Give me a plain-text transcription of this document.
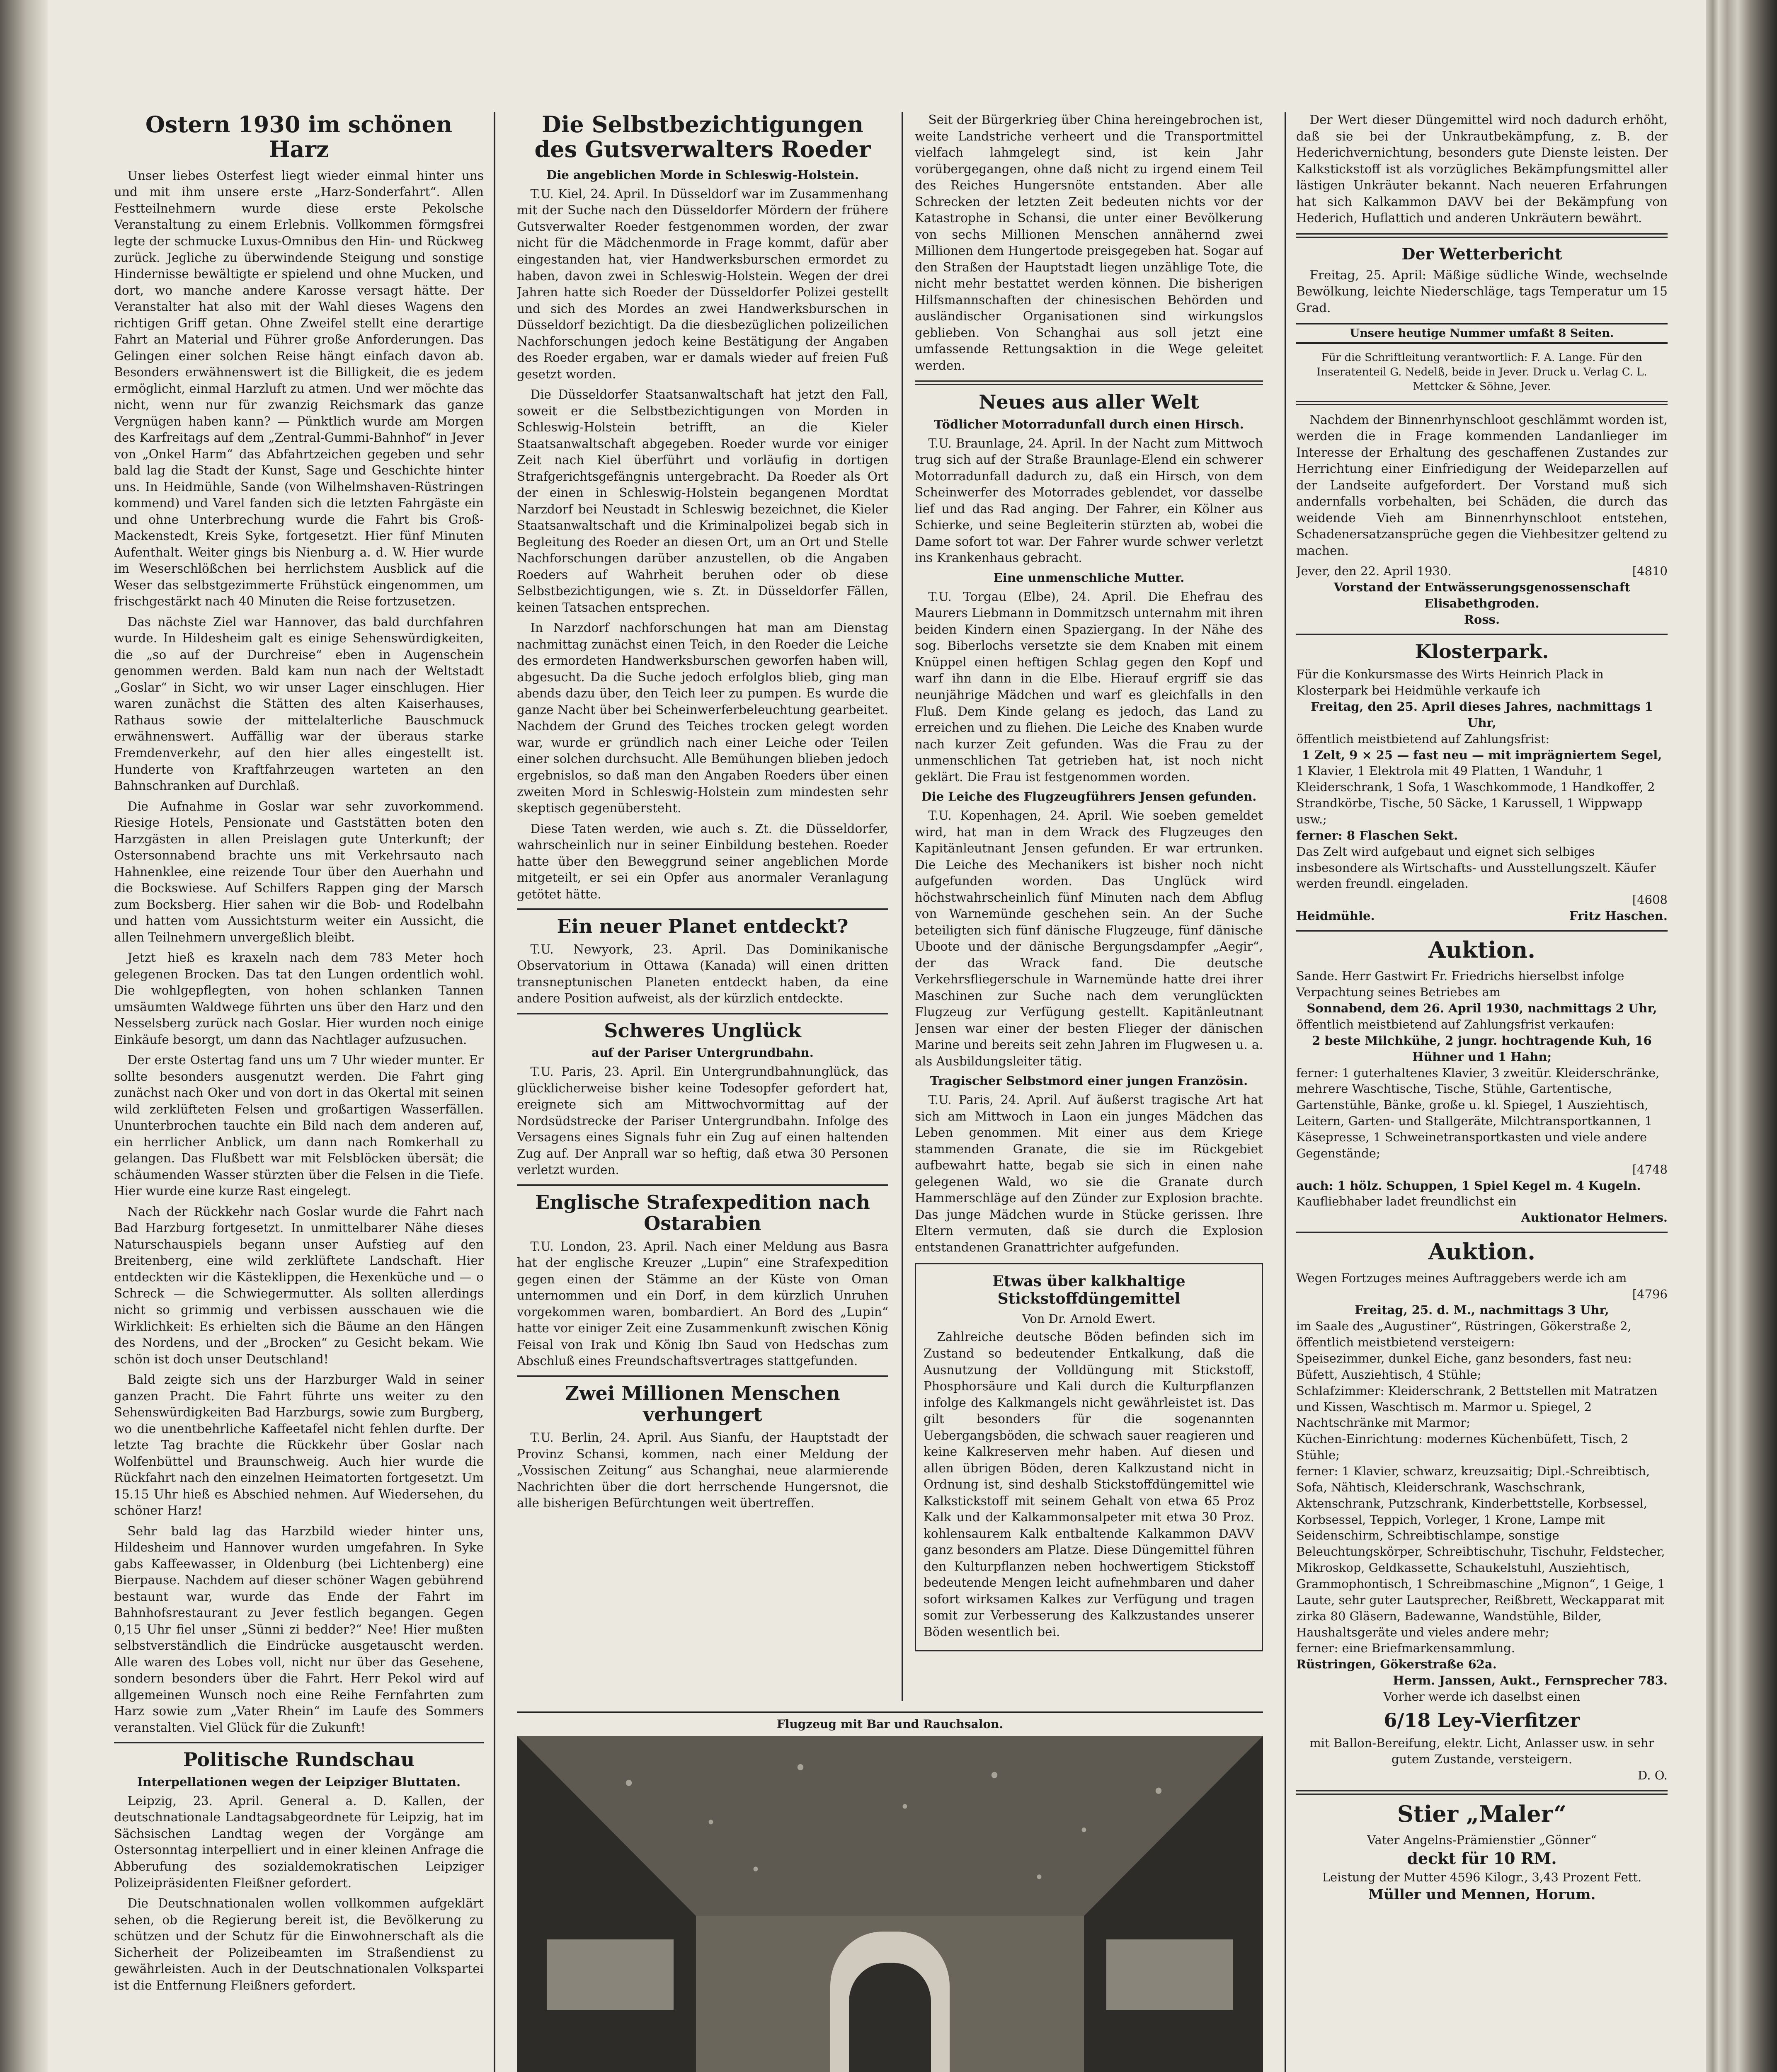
Ostern 1930 im schönen Harz

Unser liebes Osterfest liegt wieder einmal hinter uns und mit ihm unsere erste „Harz-Sonderfahrt“. Allen Festteilnehmern wurde diese erste Pekolsche Veranstaltung zu einem Erlebnis. Vollkommen förmgsfrei legte der schmucke Luxus-Omnibus den Hin- und Rückweg zurück. Jegliche zu überwindende Steigung und sonstige Hindernisse bewältigte er spielend und ohne Mucken, und dort, wo manche andere Karosse versagt hätte. Der Veranstalter hat also mit der Wahl dieses Wagens den richtigen Griff getan. Ohne Zweifel stellt eine derartige Fahrt an Material und Führer große Anforderungen. Das Gelingen einer solchen Reise hängt einfach davon ab. Besonders erwähnenswert ist die Billigkeit, die es jedem ermöglicht, einmal Harzluft zu atmen. Und wer möchte das nicht, wenn nur für zwanzig Reichsmark das ganze Vergnügen haben kann? — Pünktlich wurde am Morgen des Karfreitags auf dem „Zentral-Gummi-Bahnhof“ in Jever von „Onkel Harm“ das Abfahrtzeichen gegeben und sehr bald lag die Stadt der Kunst, Sage und Geschichte hinter uns. In Heidmühle, Sande (von Wilhelmshaven-Rüstringen kommend) und Varel fanden sich die letzten Fahrgäste ein und ohne Unterbrechung wurde die Fahrt bis Groß-Mackenstedt, Kreis Syke, fortgesetzt. Hier fünf Minuten Aufenthalt. Weiter gings bis Nienburg a. d. W. Hier wurde im Weserschlößchen bei herrlichstem Ausblick auf die Weser das selbstgezimmerte Frühstück eingenommen, um frischgestärkt nach 40 Minuten die Reise fortzusetzen.

Das nächste Ziel war Hannover, das bald durchfahren wurde. In Hildesheim galt es einige Sehenswürdigkeiten, die „so auf der Durchreise“ eben in Augenschein genommen werden. Bald kam nun nach der Weltstadt „Goslar“ in Sicht, wo wir unser Lager einschlugen. Hier waren zunächst die Stätten des alten Kaiserhauses, Rathaus sowie der mittelalterliche Bauschmuck erwähnenswert. Auffällig war der überaus starke Fremdenverkehr, auf den hier alles eingestellt ist. Hunderte von Kraftfahrzeugen warteten an den Bahnschranken auf Durchlaß.

Die Aufnahme in Goslar war sehr zuvorkommend. Riesige Hotels, Pensionate und Gaststätten boten den Harzgästen in allen Preislagen gute Unterkunft; der Ostersonnabend brachte uns mit Verkehrsauto nach Hahnenklee, eine reizende Tour über den Auerhahn und die Bockswiese. Auf Schilfers Rappen ging der Marsch zum Bocksberg. Hier sahen wir die Bob- und Rodelbahn und hatten vom Aussichtsturm weiter ein Aussicht, die allen Teilnehmern unvergeßlich bleibt.

Jetzt hieß es kraxeln nach dem 783 Meter hoch gelegenen Brocken. Das tat den Lungen ordentlich wohl. Die wohlgepflegten, von hohen schlanken Tannen umsäumten Waldwege führten uns über den Harz und den Nesselsberg zurück nach Goslar. Hier wurden noch einige Einkäufe besorgt, um dann das Nachtlager aufzusuchen.

Der erste Ostertag fand uns um 7 Uhr wieder munter. Er sollte besonders ausgenutzt werden. Die Fahrt ging zunächst nach Oker und von dort in das Okertal mit seinen wild zerklüfteten Felsen und großartigen Wasserfällen. Ununterbrochen tauchte ein Bild nach dem anderen auf, ein herrlicher Anblick, um dann nach Romkerhall zu gelangen. Das Flußbett war mit Felsblöcken übersät; die schäumenden Wasser stürzten über die Felsen in die Tiefe. Hier wurde eine kurze Rast eingelegt.

Nach der Rückkehr nach Goslar wurde die Fahrt nach Bad Harzburg fortgesetzt. In unmittelbarer Nähe dieses Naturschauspiels begann unser Aufstieg auf den Breitenberg, eine wild zerklüftete Landschaft. Hier entdeckten wir die Kästeklippen, die Hexenküche und — o Schreck — die Schwiegermutter. Als sollten allerdings nicht so grimmig und verbissen ausschauen wie die Wirklichkeit: Es erhielten sich die Bäume an den Hängen des Nordens, und der „Brocken“ zu Gesicht bekam. Wie schön ist doch unser Deutschland!

Bald zeigte sich uns der Harzburger Wald in seiner ganzen Pracht. Die Fahrt führte uns weiter zu den Sehenswürdigkeiten Bad Harzburgs, sowie zum Burgberg, wo die unentbehrliche Kaffeetafel nicht fehlen durfte. Der letzte Tag brachte die Rückkehr über Goslar nach Wolfenbüttel und Braunschweig. Auch hier wurde die Rückfahrt nach den einzelnen Heimatorten fortgesetzt. Um 15.15 Uhr hieß es Abschied nehmen. Auf Wiedersehen, du schöner Harz!

Sehr bald lag das Harzbild wieder hinter uns, Hildesheim und Hannover wurden umgefahren. In Syke gabs Kaffeewasser, in Oldenburg (bei Lichtenberg) eine Bierpause. Nachdem auf dieser schöner Wagen gebührend bestaunt war, wurde das Ende der Fahrt im Bahnhofsrestaurant zu Jever festlich begangen. Gegen 0,15 Uhr fiel unser „Sünni zi bedder?“ Nee! Hier mußten selbstverständlich die Eindrücke ausgetauscht werden. Alle waren des Lobes voll, nicht nur über das Gesehene, sondern besonders über die Fahrt. Herr Pekol wird auf allgemeinen Wunsch noch eine Reihe Fernfahrten zum Harz sowie zum „Vater Rhein“ im Laufe des Sommers veranstalten. Viel Glück für die Zukunft!

Politische Rundschau
Interpellationen wegen der Leipziger Bluttaten.

Leipzig, 23. April. General a. D. Kallen, der deutschnationale Landtagsabgeordnete für Leipzig, hat im Sächsischen Landtag wegen der Vorgänge am Ostersonntag interpelliert und in einer kleinen Anfrage die Abberufung des sozialdemokratischen Leipziger Polizeipräsidenten Fleißner gefordert.

Die Deutschnationalen wollen vollkommen aufgeklärt sehen, ob die Regierung bereit ist, die Bevölkerung zu schützen und der Schutz für die Einwohnerschaft als die Sicherheit der Polizeibeamten im Straßendienst zu gewährleisten. Auch in der Deutschnationalen Volkspartei ist die Entfernung Fleißners gefordert.

Die Selbstbezichtigungen des Gutsverwalters Roeder
Die angeblichen Morde in Schleswig-Holstein.

T.U. Kiel, 24. April. In Düsseldorf war im Zusammenhang mit der Suche nach den Düsseldorfer Mördern der frühere Gutsverwalter Roeder festgenommen worden, der zwar nicht für die Mädchenmorde in Frage kommt, dafür aber eingestanden hat, vier Handwerksburschen ermordet zu haben, davon zwei in Schleswig-Holstein. Wegen der drei Jahren hatte sich Roeder der Düsseldorfer Polizei gestellt und sich des Mordes an zwei Handwerksburschen in Düsseldorf bezichtigt. Da die diesbezüglichen polizeilichen Nachforschungen jedoch keine Bestätigung der Angaben des Roeder ergaben, war er damals wieder auf freien Fuß gesetzt worden.

Die Düsseldorfer Staatsanwaltschaft hat jetzt den Fall, soweit er die Selbstbezichtigungen von Morden in Schleswig-Holstein betrifft, an die Kieler Staatsanwaltschaft abgegeben. Roeder wurde vor einiger Zeit nach Kiel überführt und vorläufig in dortigen Strafgerichtsgefängnis untergebracht. Da Roeder als Ort der einen in Schleswig-Holstein begangenen Mordtat Narzdorf bei Neustadt in Schleswig bezeichnet, die Kieler Staatsanwaltschaft und die Kriminalpolizei begab sich in Begleitung des Roeder an diesen Ort, um an Ort und Stelle Nachforschungen darüber anzustellen, ob die Angaben Roeders auf Wahrheit beruhen oder ob diese Selbstbezichtigungen, wie s. Zt. in Düsseldorfer Fällen, keinen Tatsachen entsprechen.

In Narzdorf nachforschungen hat man am Dienstag nachmittag zunächst einen Teich, in den Roeder die Leiche des ermordeten Handwerksburschen geworfen haben will, abgesucht. Da die Suche jedoch erfolglos blieb, ging man abends dazu über, den Teich leer zu pumpen. Es wurde die ganze Nacht über bei Scheinwerferbeleuchtung gearbeitet. Nachdem der Grund des Teiches trocken gelegt worden war, wurde er gründlich nach einer Leiche oder Teilen einer solchen durchsucht. Alle Bemühungen blieben jedoch ergebnislos, so daß man den Angaben Roeders über einen zweiten Mord in Schleswig-Holstein zum mindesten sehr skeptisch gegenübersteht.

Diese Taten werden, wie auch s. Zt. die Düsseldorfer, wahrscheinlich nur in seiner Einbildung bestehen. Roeder hatte über den Beweggrund seiner angeblichen Morde mitgeteilt, er sei ein Opfer aus anormaler Veranlagung getötet hätte.

Ein neuer Planet entdeckt?

T.U. Newyork, 23. April. Das Dominikanische Observatorium in Ottawa (Kanada) will einen dritten transneptunischen Planeten entdeckt haben, da eine andere Position aufweist, als der kürzlich entdeckte.

Schweres Unglück
auf der Pariser Untergrundbahn.

T.U. Paris, 23. April. Ein Untergrundbahnunglück, das glücklicherweise bisher keine Todesopfer gefordert hat, ereignete sich am Mittwochvormittag auf der Nordsüdstrecke der Pariser Untergrundbahn. Infolge des Versagens eines Signals fuhr ein Zug auf einen haltenden Zug auf. Der Anprall war so heftig, daß etwa 30 Personen verletzt wurden.

Englische Strafexpedition nach Ostarabien

T.U. London, 23. April. Nach einer Meldung aus Basra hat der englische Kreuzer „Lupin“ eine Strafexpedition gegen einen der Stämme an der Küste von Oman unternommen und ein Dorf, in dem kürzlich Unruhen vorgekommen waren, bombardiert. An Bord des „Lupin“ hatte vor einiger Zeit eine Zusammenkunft zwischen König Feisal von Irak und König Ibn Saud von Hedschas zum Abschluß eines Freundschaftsvertrages stattgefunden.

Zwei Millionen Menschen verhungert

T.U. Berlin, 24. April. Aus Sianfu, der Hauptstadt der Provinz Schansi, kommen, nach einer Meldung der „Vossischen Zeitung“ aus Schanghai, neue alarmierende Nachrichten über die dort herrschende Hungersnot, die alle bisherigen Befürchtungen weit übertreffen.

Seit der Bürgerkrieg über China hereingebrochen ist, weite Landstriche verheert und die Transportmittel vielfach lahmgelegt sind, ist kein Jahr vorübergegangen, ohne daß nicht zu irgend einem Teil des Reiches Hungersnöte entstanden. Aber alle Schrecken der letzten Zeit bedeuten nichts vor der Katastrophe in Schansi, die unter einer Bevölkerung von sechs Millionen Menschen annähernd zwei Millionen dem Hungertode preisgegeben hat. Sogar auf den Straßen der Hauptstadt liegen unzählige Tote, die nicht mehr bestattet werden können. Die bisherigen Hilfsmannschaften der chinesischen Behörden und ausländischer Organisationen sind wirkungslos geblieben. Von Schanghai aus soll jetzt eine umfassende Rettungsaktion in die Wege geleitet werden.

Neues aus aller Welt
Tödlicher Motorradunfall durch einen Hirsch.

T.U. Braunlage, 24. April. In der Nacht zum Mittwoch trug sich auf der Straße Braunlage-Elend ein schwerer Motorradunfall dadurch zu, daß ein Hirsch, von dem Scheinwerfer des Motorrades geblendet, vor dasselbe lief und das Rad anging. Der Fahrer, ein Kölner aus Schierke, und seine Begleiterin stürzten ab, wobei die Dame sofort tot war. Der Fahrer wurde schwer verletzt ins Krankenhaus gebracht.

Eine unmenschliche Mutter.

T.U. Torgau (Elbe), 24. April. Die Ehefrau des Maurers Liebmann in Dommitzsch unternahm mit ihren beiden Kindern einen Spaziergang. In der Nähe des sog. Biberlochs versetzte sie dem Knaben mit einem Knüppel einen heftigen Schlag gegen den Kopf und warf ihn dann in die Elbe. Hierauf ergriff sie das neunjährige Mädchen und warf es gleichfalls in den Fluß. Dem Kinde gelang es jedoch, das Land zu erreichen und zu fliehen. Die Leiche des Knaben wurde nach kurzer Zeit gefunden. Was die Frau zu der unmenschlichen Tat getrieben hat, ist noch nicht geklärt. Die Frau ist festgenommen worden.

Die Leiche des Flugzeugführers Jensen gefunden.

T.U. Kopenhagen, 24. April. Wie soeben gemeldet wird, hat man in dem Wrack des Flugzeuges den Kapitänleutnant Jensen gefunden. Er war ertrunken. Die Leiche des Mechanikers ist bisher noch nicht aufgefunden worden. Das Unglück wird höchstwahrscheinlich fünf Minuten nach dem Abflug von Warnemünde geschehen sein. An der Suche beteiligten sich fünf dänische Flugzeuge, fünf dänische Uboote und der dänische Bergungsdampfer „Aegir“, der das Wrack fand. Die deutsche Verkehrsfliegerschule in Warnemünde hatte drei ihrer Maschinen zur Suche nach dem verunglückten Flugzeug zur Verfügung gestellt. Kapitänleutnant Jensen war einer der besten Flieger der dänischen Marine und bereits seit zehn Jahren im Flugwesen u. a. als Ausbildungsleiter tätig.

Tragischer Selbstmord einer jungen Französin.

T.U. Paris, 24. April. Auf äußerst tragische Art hat sich am Mittwoch in Laon ein junges Mädchen das Leben genommen. Mit einer aus dem Kriege stammenden Granate, die sie im Rückgebiet aufbewahrt hatte, begab sie sich in einen nahe gelegenen Wald, wo sie die Granate durch Hammerschläge auf den Zünder zur Explosion brachte. Das junge Mädchen wurde in Stücke gerissen. Ihre Eltern vermuten, daß sie durch die Explosion entstandenen Granattrichter aufgefunden.

Etwas über kalkhaltige Stickstoffdüngemittel
Von Dr. Arnold Ewert.

Zahlreiche deutsche Böden befinden sich im Zustand so bedeutender Entkalkung, daß die Ausnutzung der Volldüngung mit Stickstoff, Phosphorsäure und Kali durch die Kulturpflanzen infolge des Kalkmangels nicht gewährleistet ist. Das gilt besonders für die sogenannten Uebergangsböden, die schwach sauer reagieren und keine Kalkreserven mehr haben. Auf diesen und allen übrigen Böden, deren Kalkzustand nicht in Ordnung ist, sind deshalb Stickstoffdüngemittel wie Kalkstickstoff mit seinem Gehalt von etwa 65 Proz Kalk und der Kalkammonsalpeter mit etwa 30 Proz. kohlensaurem Kalk entbaltende Kalkammon DAVV ganz besonders am Platze. Diese Düngemittel führen den Kulturpflanzen neben hochwertigem Stickstoff bedeutende Mengen leicht aufnehmbaren und daher sofort wirksamen Kalkes zur Verfügung und tragen somit zur Verbesserung des Kalkzustandes unserer Böden wesentlich bei.

Der Wert dieser Düngemittel wird noch dadurch erhöht, daß sie bei der Unkrautbekämpfung, z. B. der Hederichvernichtung, besonders gute Dienste leisten. Der Kalkstickstoff ist als vorzügliches Bekämpfungsmittel aller lästigen Unkräuter bekannt. Nach neueren Erfahrungen hat sich Kalkammon DAVV bei der Bekämpfung von Hederich, Huflattich und anderen Unkräutern bewährt.

Der Wetterbericht

Freitag, 25. April: Mäßige südliche Winde, wechselnde Bewölkung, leichte Niederschläge, tags Temperatur um 15 Grad.

Unsere heutige Nummer umfaßt 8 Seiten.

Für die Schriftleitung verantwortlich: F. A. Lange. Für den Inseratenteil G. Nedelß, beide in Jever. Druck u. Verlag C. L. Mettcker & Söhne, Jever.

Nachdem der Binnenrhynschloot geschlämmt worden ist, werden die in Frage kommenden Landanlieger im Interesse der Erhaltung des geschaffenen Zustandes zur Herrichtung einer Einfriedigung der Weideparzellen auf der Landseite aufgefordert. Der Vorstand muß sich andernfalls vorbehalten, bei Schäden, die durch das weidende Vieh am Binnenrhynschloot entstehen, Schadenersatzansprüche gegen die Viehbesitzer geltend zu machen.

Jever, den 22. April 1930.	[4810

Vorstand der Entwässerungsgenossenschaft Elisabethgroden.

Ross.

Klosterpark.

Für die Konkursmasse des Wirts Heinrich Plack in Klosterpark bei Heidmühle verkaufe ich

Freitag, den 25. April dieses Jahres, nachmittags 1 Uhr,

öffentlich meistbietend auf Zahlungsfrist:

1 Zelt, 9 × 25 — fast neu — mit imprägniertem Segel,

1 Klavier, 1 Elektrola mit 49 Platten, 1 Wanduhr, 1 Kleiderschrank, 1 Sofa, 1 Waschkommode, 1 Handkoffer, 2 Strandkörbe, Tische, 50 Säcke, 1 Karussell, 1 Wippwapp usw.;

ferner: 8 Flaschen Sekt.

Das Zelt wird aufgebaut und eignet sich selbiges insbesondere als Wirtschafts- und Ausstellungszelt. Käufer werden freundl. eingeladen.

[4608

Heidmühle.	Fritz Haschen.

Auktion.

Sande. Herr Gastwirt Fr. Friedrichs hierselbst infolge Verpachtung seines Betriebes am

Sonnabend, dem 26. April 1930, nachmittags 2 Uhr,

öffentlich meistbietend auf Zahlungsfrist verkaufen:

2 beste Milchkühe, 2 jungr. hochtragende Kuh, 16 Hühner und 1 Hahn;

ferner: 1 guterhaltenes Klavier, 3 zweitür. Kleiderschränke, mehrere Waschtische, Tische, Stühle, Gartentische, Gartenstühle, Bänke, große u. kl. Spiegel, 1 Ausziehtisch, Leitern, Garten- und Stallgeräte, Milchtransportkannen, 1 Käsepresse, 1 Schweinetransportkasten und viele andere Gegenstände;

[4748

auch: 1 hölz. Schuppen, 1 Spiel Kegel m. 4 Kugeln.

Kaufliebhaber ladet freundlichst ein

Auktionator Helmers.

Auktion.

Wegen Fortzuges meines Auftraggebers werde ich am

[4796

Freitag, 25. d. M., nachmittags 3 Uhr,

im Saale des „Augustiner“, Rüstringen, Gökerstraße 2, öffentlich meistbietend versteigern:

Speisezimmer, dunkel Eiche, ganz besonders, fast neu: Büfett, Ausziehtisch, 4 Stühle;

Schlafzimmer: Kleiderschrank, 2 Bettstellen mit Matratzen und Kissen, Waschtisch m. Marmor u. Spiegel, 2 Nachtschränke mit Marmor;

Küchen-Einrichtung: modernes Küchenbüfett, Tisch, 2 Stühle;

ferner: 1 Klavier, schwarz, kreuzsaitig; Dipl.-Schreibtisch, Sofa, Nähtisch, Kleiderschrank, Waschschrank, Aktenschrank, Putzschrank, Kinderbettstelle, Korbsessel, Korbsessel, Teppich, Vorleger, 1 Krone, Lampe mit Seidenschirm, Schreibtischlampe, sonstige Beleuchtungskörper, Schreibtischuhr, Tischuhr, Feldstecher, Mikroskop, Geldkassette, Schaukelstuhl, Ausziehtisch, Grammophontisch, 1 Schreibmaschine „Mignon“, 1 Geige, 1 Laute, sehr guter Lautsprecher, Reißbrett, Weckapparat mit zirka 80 Gläsern, Badewanne, Wandstühle, Bilder, Haushaltsgeräte und vieles andere mehr;

ferner: eine Briefmarkensammlung.

Rüstringen, Gökerstraße 62a.

Herm. Janssen, Aukt., Fernsprecher 783.

Vorher werde ich daselbst einen

6/18 Ley-Vierfitzer

mit Ballon-Bereifung, elektr. Licht, Anlasser usw. in sehr gutem Zustande, versteigern.

D. O.

Stier „Maler“

Vater Angelns-Prämienstier „Gönner“

deckt für 10 RM.

Leistung der Mutter 4596 Kilogr., 3,43 Prozent Fett.

Müller und Mennen, Horum.

Flugzeug mit Bar und Rauchsalon.
